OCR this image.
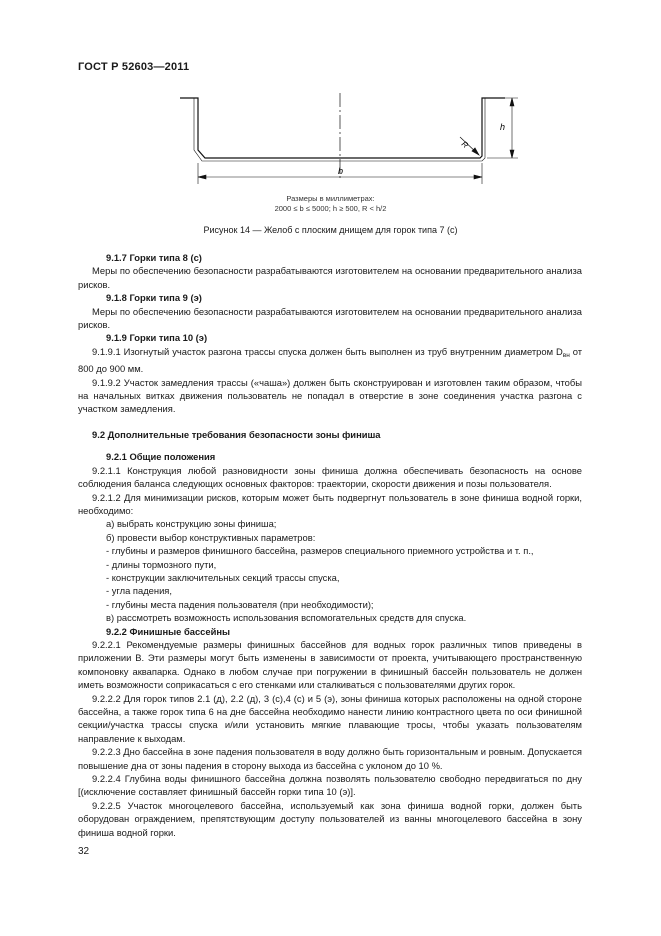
ГОСТ Р 52603—2011
b
h
R
Размеры в миллиметрах:
2000 ≤ b ≤ 5000; h ≥ 500, R < h/2
Рисунок 14 — Желоб с плоским днищем для горок типа 7 (с)

9.1.7 Горки типа 8 (с)

Меры по обеспечению безопасности разрабатываются изготовителем на основании предварительного анализа рисков.

9.1.8 Горки типа 9 (э)

Меры по обеспечению безопасности разрабатываются изготовителем на основании предварительного анализа рисков.

9.1.9 Горки типа 10 (э)

9.1.9.1 Изогнутый участок разгона трассы спуска должен быть выполнен из труб внутренним диаметром $D_{вн}$ от 800 до 900 мм.

9.1.9.2 Участок замедления трассы («чаша») должен быть сконструирован и изготовлен таким образом, чтобы на начальных витках движения пользователь не попадал в отверстие в зоне соединения участка разгона с участком замедления.

9.2 Дополнительные требования безопасности зоны финиша

9.2.1 Общие положения

9.2.1.1 Конструкция любой разновидности зоны финиша должна обеспечивать безопасность на основе соблюдения баланса следующих основных факторов: траектории, скорости движения и позы пользователя.

9.2.1.2 Для минимизации рисков, которым может быть подвергнут пользователь в зоне финиша водной горки, необходимо:

а) выбрать конструкцию зоны финиша;

б) провести выбор конструктивных параметров:

- глубины и размеров финишного бассейна, размеров специального приемного устройства и т. п.,

- длины тормозного пути,

- конструкции заключительных секций трассы спуска,

- угла падения,

- глубины места падения пользователя (при необходимости);

в) рассмотреть возможность использования вспомогательных средств для спуска.

9.2.2 Финишные бассейны

9.2.2.1 Рекомендуемые размеры финишных бассейнов для водных горок различных типов приведены в приложении В. Эти размеры могут быть изменены в зависимости от проекта, учитывающего пространственную компоновку аквапарка. Однако в любом случае при погружении в финишный бассейн пользователь не должен иметь возможности соприкасаться с его стенками или сталкиваться с пользователями других горок.

9.2.2.2 Для горок типов 2.1 (д), 2.2 (д), 3 (с),4 (с) и 5 (э), зоны финиша которых расположены на одной стороне бассейна, а также горок типа 6 на дне бассейна необходимо нанести линию контрастного цвета по оси финишной секции/участка трассы спуска и/или установить мягкие плавающие тросы, чтобы указать пользователям направление к выходам.

9.2.2.3 Дно бассейна в зоне падения пользователя в воду должно быть горизонтальным и ровным. Допускается повышение дна от зоны падения в сторону выхода из бассейна с уклоном до 10 %.

9.2.2.4 Глубина воды финишного бассейна должна позволять пользователю свободно передвигаться по дну [(исключение составляет финишный бассейн горки типа 10 (э)].

9.2.2.5 Участок многоцелевого бассейна, используемый как зона финиша водной горки, должен быть оборудован ограждением, препятствующим доступу пользователей из ванны многоцелевого бассейна в зону финиша водной горки.

32
